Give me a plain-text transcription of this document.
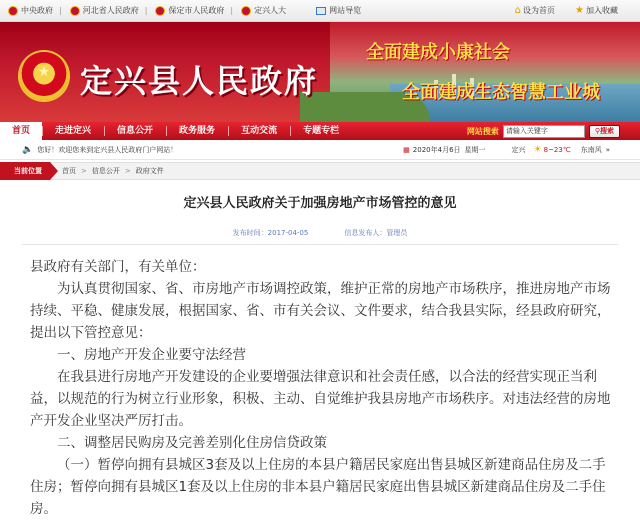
中央政府 |	河北省人民政府 |	保定市人民政府 |	定兴人大	网站导览	⌂ 设为首页 ★ 加入收藏
★ 定兴县人民政府
全面建成小康社会
全面建成生态智慧工业城
首页	走进定兴	信息公开	政务服务	互动交流	专题专栏	网站搜索
请输入关键字	⚲ 搜索
🔈 您好！欢迎您来到定兴县人民政府门户网站！	▦ 2020年4月6日 星期一	定兴 ☀ 8~23℃ 东南风 »
当前位置	首页 > 信息公开 > 政府文件
定兴县人民政府关于加强房地产市场管控的意见
发布时间：2017-04-05	信息发布人：管理员

县政府有关部门，有关单位：

为认真贯彻国家、省、市房地产市场调控政策，维护正常的房地产市场秩序，推进房地产市场持续、平稳、健康发展，根据国家、省、市有关会议、文件要求，结合我县实际，经县政府研究，提出以下管控意见：

一、房地产开发企业要守法经营

在我县进行房地产开发建设的企业要增强法律意识和社会责任感，以合法的经营实现正当利益，以规范的行为树立行业形象，积极、主动、自觉维护我县房地产市场秩序。对违法经营的房地产开发企业坚决严厉打击。

二、调整居民购房及完善差别化住房信贷政策

（一）暂停向拥有县城区3套及以上住房的本县户籍居民家庭出售县城区新建商品住房及二手住房；暂停向拥有县城区1套及以上住房的非本县户籍居民家庭出售县城区新建商品住房及二手住房。
